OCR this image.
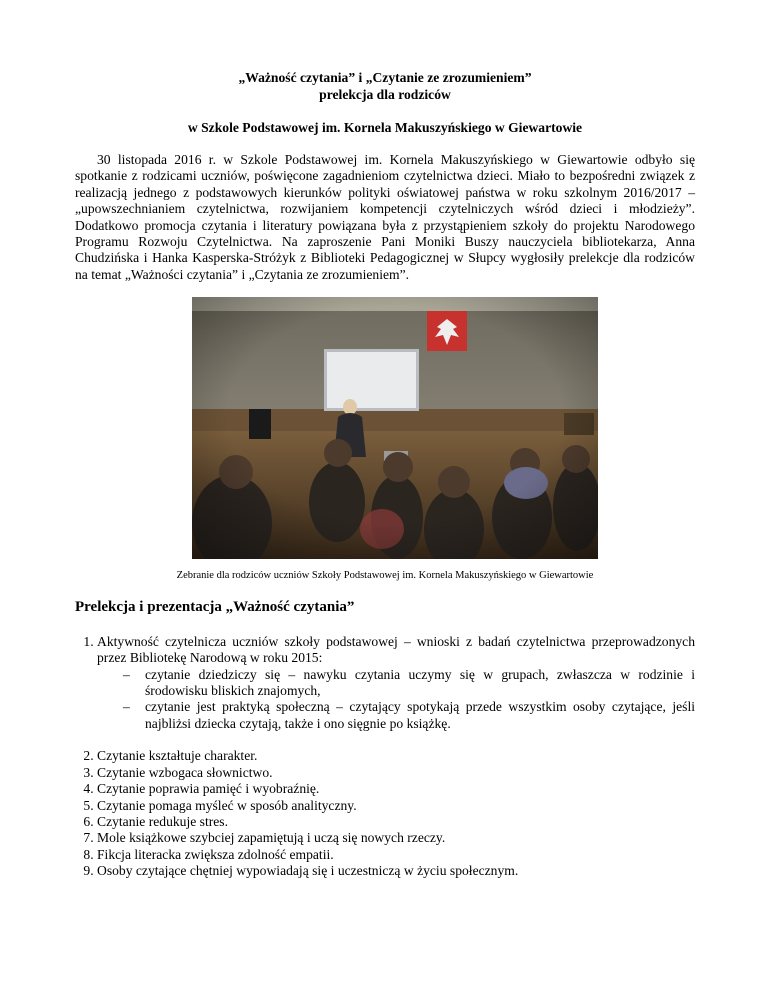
„Ważność czytania” i „Czytanie ze zrozumieniem”
prelekcja dla rodziców
w Szkole Podstawowej im. Kornela Makuszyńskiego w Giewartowie

30 listopada 2016 r. w Szkole Podstawowej im. Kornela Makuszyńskiego w Giewartowie odbyło się spotkanie z rodzicami uczniów, poświęcone zagadnieniom czytelnictwa dzieci. Miało to bezpośredni związek z realizacją jednego z podstawowych kierunków polityki oświatowej państwa w roku szkolnym 2016/2017 – „upowszechnianiem czytelnictwa, rozwijaniem kompetencji czytelniczych wśród dzieci i młodzieży”. Dodatkowo promocja czytania i literatury powiązana była z przystąpieniem szkoły do projektu Narodowego Programu Rozwoju Czytelnictwa. Na zaproszenie Pani Moniki Buszy nauczyciela bibliotekarza, Anna Chudzińska i Hanka Kasperska-Stróżyk z Biblioteki Pedagogicznej w Słupcy wygłosiły prelekcje dla rodziców na temat „Ważności czytania” i „Czytania ze zrozumieniem”.

Zebranie dla rodziców uczniów Szkoły Podstawowej im. Kornela Makuszyńskiego w Giewartowie
Prelekcja i prezentacja „Ważność czytania”
1. Aktywność czytelnicza uczniów szkoły podstawowej – wnioski z badań czytelnictwa przeprowadzonych przez Bibliotekę Narodową w roku 2015:
– czytanie dziedziczy się – nawyku czytania uczymy się w grupach, zwłaszcza w rodzinie i środowisku bliskich znajomych,
– czytanie jest praktyką społeczną – czytający spotykają przede wszystkim osoby czytające, jeśli najbliżsi dziecka czytają, także i ono sięgnie po książkę.
2. Czytanie kształtuje charakter.
3. Czytanie wzbogaca słownictwo.
4. Czytanie poprawia pamięć i wyobraźnię.
5. Czytanie pomaga myśleć w sposób analityczny.
6. Czytanie redukuje stres.
7. Mole książkowe szybciej zapamiętują i uczą się nowych rzeczy.
8. Fikcja literacka zwiększa zdolność empatii.
9. Osoby czytające chętniej wypowiadają się i uczestniczą w życiu społecznym.
